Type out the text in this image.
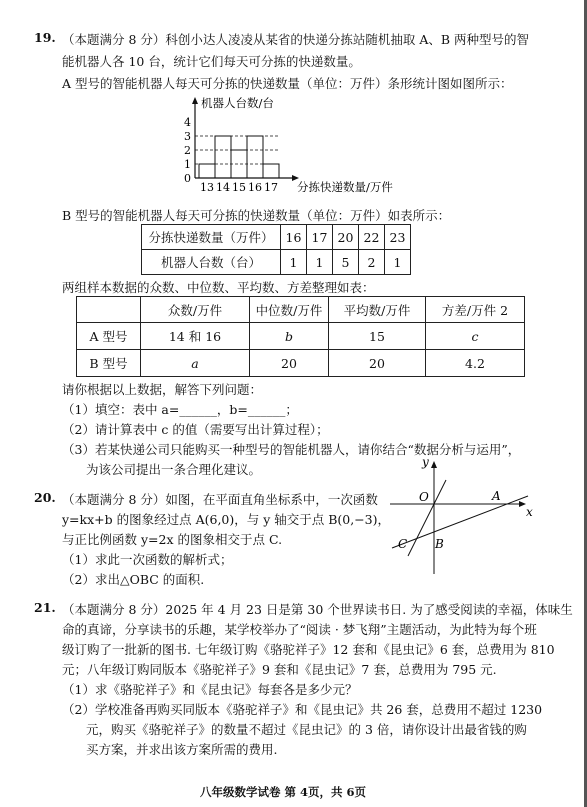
19. （本题满分 8 分）科创小达人凌凌从某省的快递分拣站随机抽取 A、B 两种型号的智
能机器人各 10 台，统计它们每天可分拣的快递数量。
A 型号的智能机器人每天可分拣的快递数量（单位：万件）条形统计图如图所示：
机器人台数/台
分拣快递数量/万件
0
1
2
3
4
13 14 15 16 17
B 型号的智能机器人每天可分拣的快递数量（单位：万件）如表所示：
分拣快递数量（万件）	16	17	20	22	23
机器人台数（台）	1	1	5	2	1
两组样本数据的众数、中位数、平均数、方差整理如表：
	众数/万件	中位数/万件	平均数/万件	方差/万件 2
A 型号	14 和 16	b	15	c
B 型号	a	20	20	4.2
请你根据以上数据，解答下列问题：
（1）填空：表中 a=______，b=______；
（2）请计算表中 c 的值（需要写出计算过程）；
（3）若某快递公司只能购买一种型号的智能机器人，请你结合“数据分析与运用”，
为该公司提出一条合理化建议。
20. （本题满分 8 分）如图，在平面直角坐标系中，一次函数
y=kx+b 的图象经过点 A(6,0)，与 y 轴交于点 B(0,−3)，
与正比例函数 y=2x 的图象相交于点 C.
（1）求此一次函数的解析式；
（2）求出△OBC 的面积.
y
x
O	A
B
C
21. （本题满分 8 分）2025 年 4 月 23 日是第 30 个世界读书日. 为了感受阅读的幸福，体味生
命的真谛，分享读书的乐趣，某学校举办了“阅读 · 梦飞翔”主题活动，为此特为每个班
级订购了一批新的图书. 七年级订购《骆驼祥子》12 套和《昆虫记》6 套，总费用为 810
元；八年级订购同版本《骆驼祥子》9 套和《昆虫记》7 套，总费用为 795 元.
（1）求《骆驼祥子》和《昆虫记》每套各是多少元？
（2）学校准备再购买同版本《骆驼祥子》和《昆虫记》共 26 套，总费用不超过 1230
元，购买《骆驼祥子》的数量不超过《昆虫记》的 3 倍，请你设计出最省钱的购
买方案，并求出该方案所需的费用.
八年级数学试卷 第 4页，共 6页
